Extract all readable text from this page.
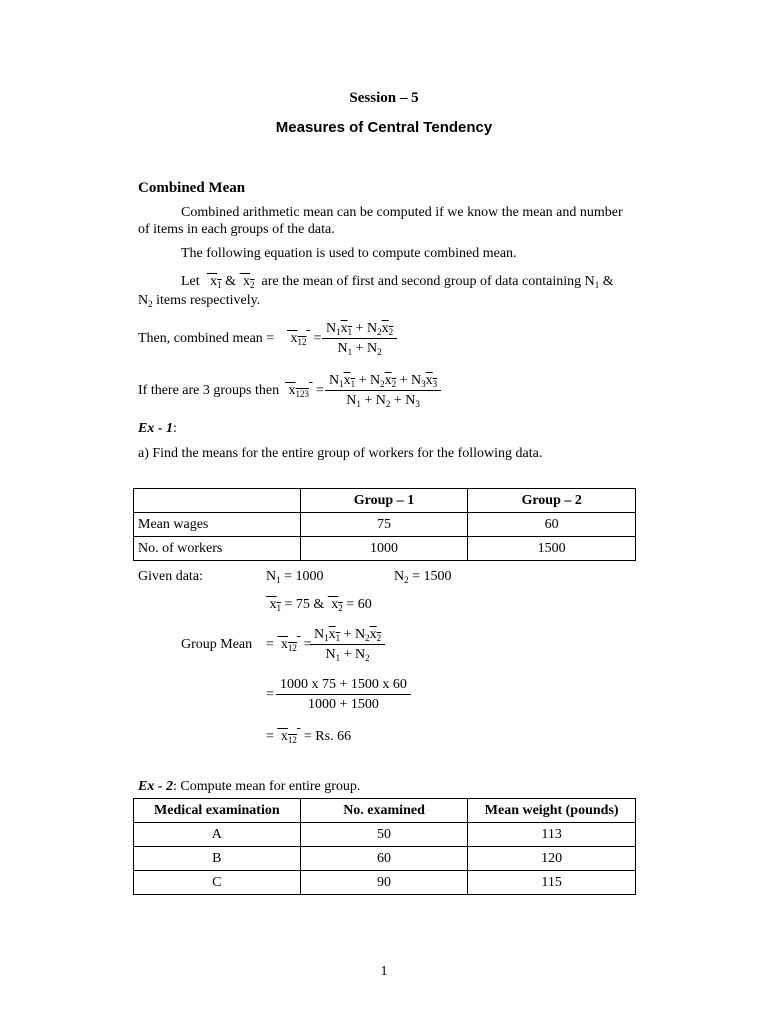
Session – 5
Measures of Central Tendency
Combined Mean
Combined arithmetic mean can be computed if we know the mean and number
of items in each groups of the data.
The following equation is used to compute combined mean.
Let   $x_1$ &  $x_2$ are the mean of first and second group of data containing $N_1$ &
$N_2$ items respectively.
Then, combined mean = $x_{12}$  =
$N_1x_1 + N_2x_2$
$N_1 + N_2$
If there are 3 groups then $x_{123}$  =
$N_1x_1 + N_2x_2 + N_3x_3$
$N_1 + N_2 + N_3$
Ex - 1:
a) Find the means for the entire group of workers for the following data.
	Group – 1	Group – 2
Mean wages	75	60
No. of workers	1000	1500
Given data:	$N_1 = 1000$	$N_2 = 1500$
$x_1 = 75$ &  $x_2 = 60$
Group Mean =  $x_{12}$  =
$N_1x_1 + N_2x_2$
$N_1 + N_2$
=
1000 x 75 + 1500 x 60
1000 + 1500
=  $x_{12} = Rs$. 66
Ex - 2: Compute mean for entire group.
Medical examination	No. examined	Mean weight (pounds)
A	50	113
B	60	120
C	90	115
1
